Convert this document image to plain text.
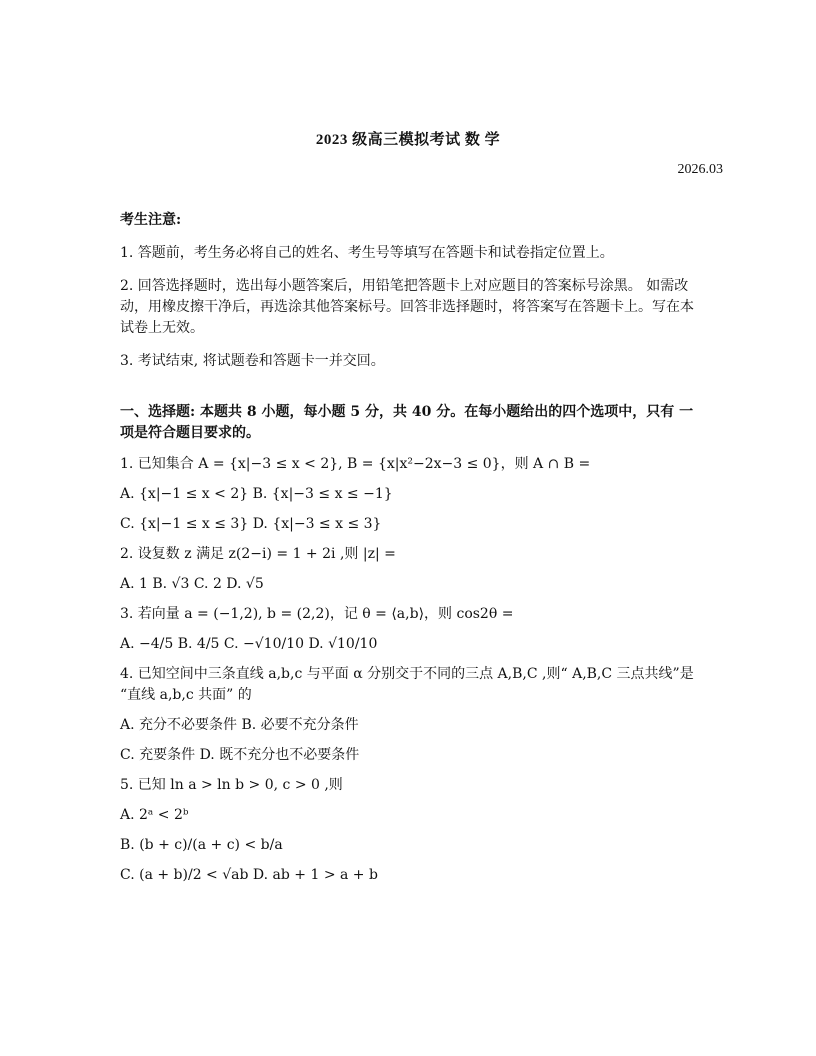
2023 级高三模拟考试 数 学
2026.03
考生注意:
1. 答题前，考生务必将自己的姓名、考生号等填写在答题卡和试卷指定位置上。
2. 回答选择题时，选出每小题答案后，用铅笔把答题卡上对应题目的答案标号涂黑。 如需改动，用橡皮擦干净后，再选涂其他答案标号。回答非选择题时，将答案写在答题卡上。写在本试卷上无效。
3. 考试结束, 将试题卷和答题卡一并交回。
一、选择题: 本题共 8 小题，每小题 5 分，共 40 分。在每小题给出的四个选项中，只有 一项是符合题目要求的。
1. 已知集合 A = {x|−3 ≤ x < 2}, B = {x|x²−2x−3 ≤ 0}，则 A ∩ B =
A. {x|−1 ≤ x < 2} B. {x|−3 ≤ x ≤ −1}
C. {x|−1 ≤ x ≤ 3} D. {x|−3 ≤ x ≤ 3}
2. 设复数 z 满足 z(2−i) = 1 + 2i ,则 |z| =
A. 1 B. √3 C. 2 D. √5
3. 若向量 a = (−1,2), b = (2,2)，记 θ = ⟨a,b⟩，则 cos2θ =
A. −4/5 B. 4/5 C. −√10/10 D. √10/10
4. 已知空间中三条直线 a,b,c 与平面 α 分别交于不同的三点 A,B,C ,则“ A,B,C 三点共线”是 “直线 a,b,c 共面” 的
A. 充分不必要条件 B. 必要不充分条件
C. 充要条件 D. 既不充分也不必要条件
5. 已知 ln a > ln b > 0, c > 0 ,则
A. 2ᵃ < 2ᵇ
B. (b + c)/(a + c) < b/a
C. (a + b)/2 < √ab D. ab + 1 > a + b
